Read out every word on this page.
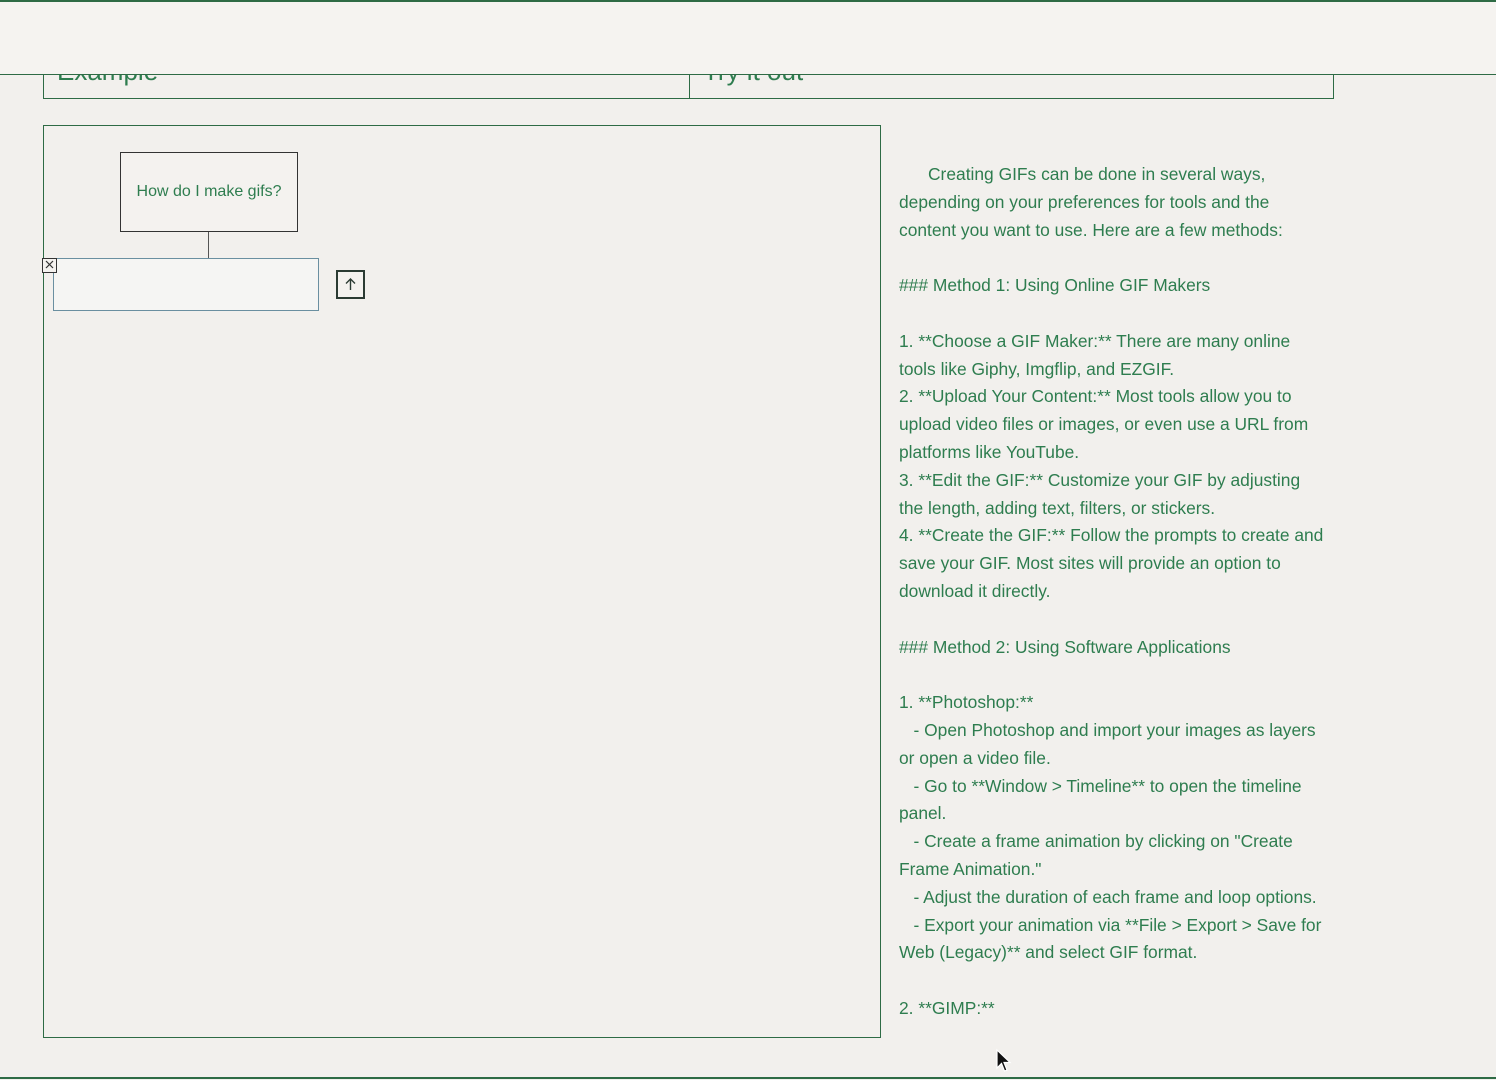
How do I make gifs?
Creating GIFs can be done in several ways, depending on your preferences for tools and the content you want to use. Here are a few methods:

### Method 1: Using Online GIF Makers

1. **Choose a GIF Maker:** There are many online tools like Giphy, Imgflip, and EZGIF.
2. **Upload Your Content:** Most tools allow you to upload video files or images, or even use a URL from platforms like YouTube.
3. **Edit the GIF:** Customize your GIF by adjusting the length, adding text, filters, or stickers.
4. **Create the GIF:** Follow the prompts to create and save your GIF. Most sites will provide an option to download it directly.

### Method 2: Using Software Applications

1. **Photoshop:**
- Open Photoshop and import your images as layers or open a video file.
- Go to **Window > Timeline** to open the timeline panel.
- Create a frame animation by clicking on "Create Frame Animation."
- Adjust the duration of each frame and loop options.
- Export your animation via **File > Export > Save for Web (Legacy)** and select GIF format.

2. **GIMP:**
